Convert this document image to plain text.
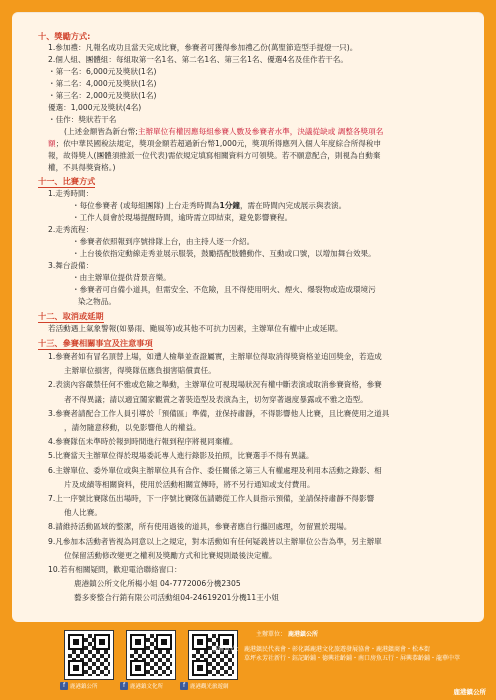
十、獎勵方式:
1.參加禮：凡報名成功且當天完成比賽，參賽者可獲得參加禮乙份(萬聖節造型手提燈一只)。
2.個人組、團體組：每組取第一名1名、第二名1名、第三名1名、優選4名及佳作若干名。
・第一名：6,000元及獎狀(1名)
・第二名：4,000元及獎狀(1名)
・第三名：2,000元及獎狀(1名)
優選：1,000元及獎狀(4名)
・佳作：獎狀若干名
(上述金額皆為新台幣;主辦單位有權因應每組參賽人數及參賽者水準，決議從缺或 調整各獎項名
額；依中華民國稅法規定，獎項金額若超過新台幣1,000元，獎項所得應列入個人年度綜合所得稅申
報，故得獎人(團體須推派一位代表)需依規定填寫相關資料方可領獎。若不願意配合，則視為自動棄
權，不具得獎資格。)
十一、比賽方式
1.走秀時間：
・每位參賽者 (或每組團隊) 上台走秀時間為1分鐘，需在時間內完成展示與表演。
・工作人員會於現場提醒時間，逾時需立即結束，避免影響賽程。
2.走秀流程：
・參賽者依照報到序號排隊上台，由主持人逐一介紹。
・上台後依指定動線走秀並展示服裝，鼓勵搭配肢體動作、互動或口號，以增加舞台效果。
3.舞台設備：
・由主辦單位提供背景音樂。
・參賽者可自備小道具，但需安全、不危險，且不得使用明火、煙火、爆裂物或造成環境污
染之物品。
十二、取消或延期
若活動遇上氣象警報(如暴雨、颱風等)或其他不可抗力因素，主辦單位有權中止或延期。
十三、參賽相關事宜及注意事項
1.參賽者如有冒名頂替上場，如遭人檢舉並查證屬實，主辦單位得取消得獎資格並追回獎金，若造成
主辦單位損害，得獎隊伍應負損害賠償責任。
2.表演內容嚴禁任何不雅或危險之舉動，主辦單位可視現場狀況有權中斷表演或取消參賽資格，參賽
者不得異議；請以適宜闔家觀賞之著裝造型及表演為主，切勿穿著過度暴露或不雅之造型。
3.參賽者請配合工作人員引導於「預備區」準備，並保持肅靜，不得影響他人比賽，且比賽使用之道具
，請勿隨意移動，以免影響他人的權益。
4.參賽隊伍未準時於報到時間進行報到程序將視同棄權。
5.比賽當天主辦單位得於現場委託專人進行錄影及拍照，比賽選手不得有異議。
6.主辦單位、委外單位或與主辦單位具有合作、委任關係之第三人有權處理及利用本活動之錄影、相
片及成績等相關資料，使用於活動相關宣傳時，將不另行通知或支付費用。
7.上一序號比賽隊伍出場時，下一序號比賽隊伍請聽從工作人員指示預備，並請保持肅靜不得影響
他人比賽。
8.請維持活動區域的整潔，所有使用過後的道具，參賽者應自行攜回處理，勿留置於現場。
9.凡參加本活動者皆視為同意以上之規定，對本活動如有任何疑義皆以主辦單位公告為準，另主辦單
位保留活動修改變更之權利及獎勵方式和比賽規則最後決定權。
10.若有相關疑問，歡迎電洽聯絡窗口：
鹿港鎮公所文化所楊小姐 04-7772006分機2305
藝多麥整合行銷有限公司活動組04-24619201分機11王小姐
f 鹿港鎮公所	f 鹿港鎮文化所	f 鹿港觀光旅遊網
主辦單位： 鹿港鎮公所
協辦單位： 鹿港鎮民代表會・彰化縣鹿港文化旅遊發展協會・鹿港鎮商會・松本街
草坪永芳社新行・鈺記齡鋪・德興社齡鋪・南口房魚五行・屏興恭齡鋪・龍華中萃
鹿港鎮公所
